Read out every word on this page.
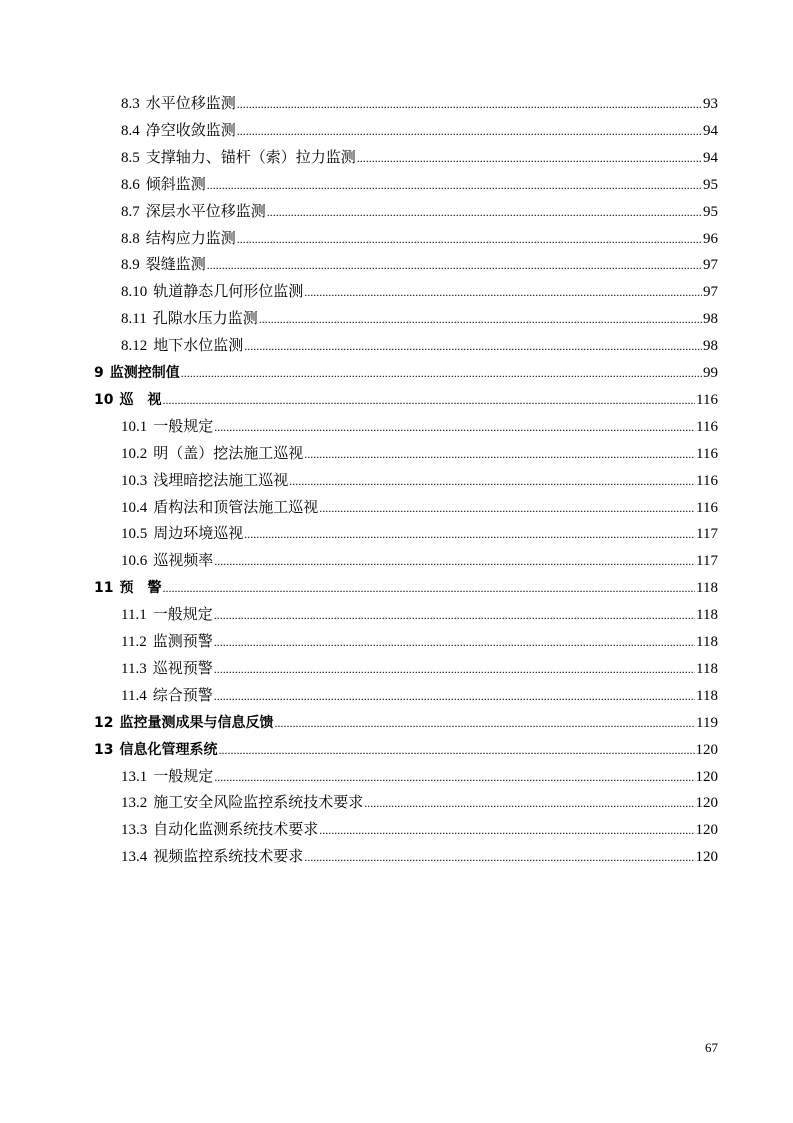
8.3 水平位移监测 .....	93
8.4 净空收敛监测 .....	94
8.5 支撑轴力、锚杆（索）拉力监测 .....	94
8.6 倾斜监测 .....	95
8.7 深层水平位移监测 .....	95
8.8 结构应力监测 .....	96
8.9 裂缝监测 .....	97
8.10 轨道静态几何形位监测 .....	97
8.11 孔隙水压力监测 .....	98
8.12 地下水位监测 .....	98
9 监测控制值 .....	99
10 巡　视 .....	116
10.1 一般规定 .....	116
10.2 明（盖）挖法施工巡视 .....	116
10.3 浅埋暗挖法施工巡视 .....	116
10.4 盾构法和顶管法施工巡视 .....	116
10.5 周边环境巡视 .....	117
10.6 巡视频率 .....	117
11 预　警 .....	118
11.1 一般规定 .....	118
11.2 监测预警 .....	118
11.3 巡视预警 .....	118
11.4 综合预警 .....	118
12 监控量测成果与信息反馈 .....	119
13 信息化管理系统 .....	120
13.1 一般规定 .....	120
13.2 施工安全风险监控系统技术要求 .....	120
13.3 自动化监测系统技术要求 .....	120
13.4 视频监控系统技术要求 .....	120
67
